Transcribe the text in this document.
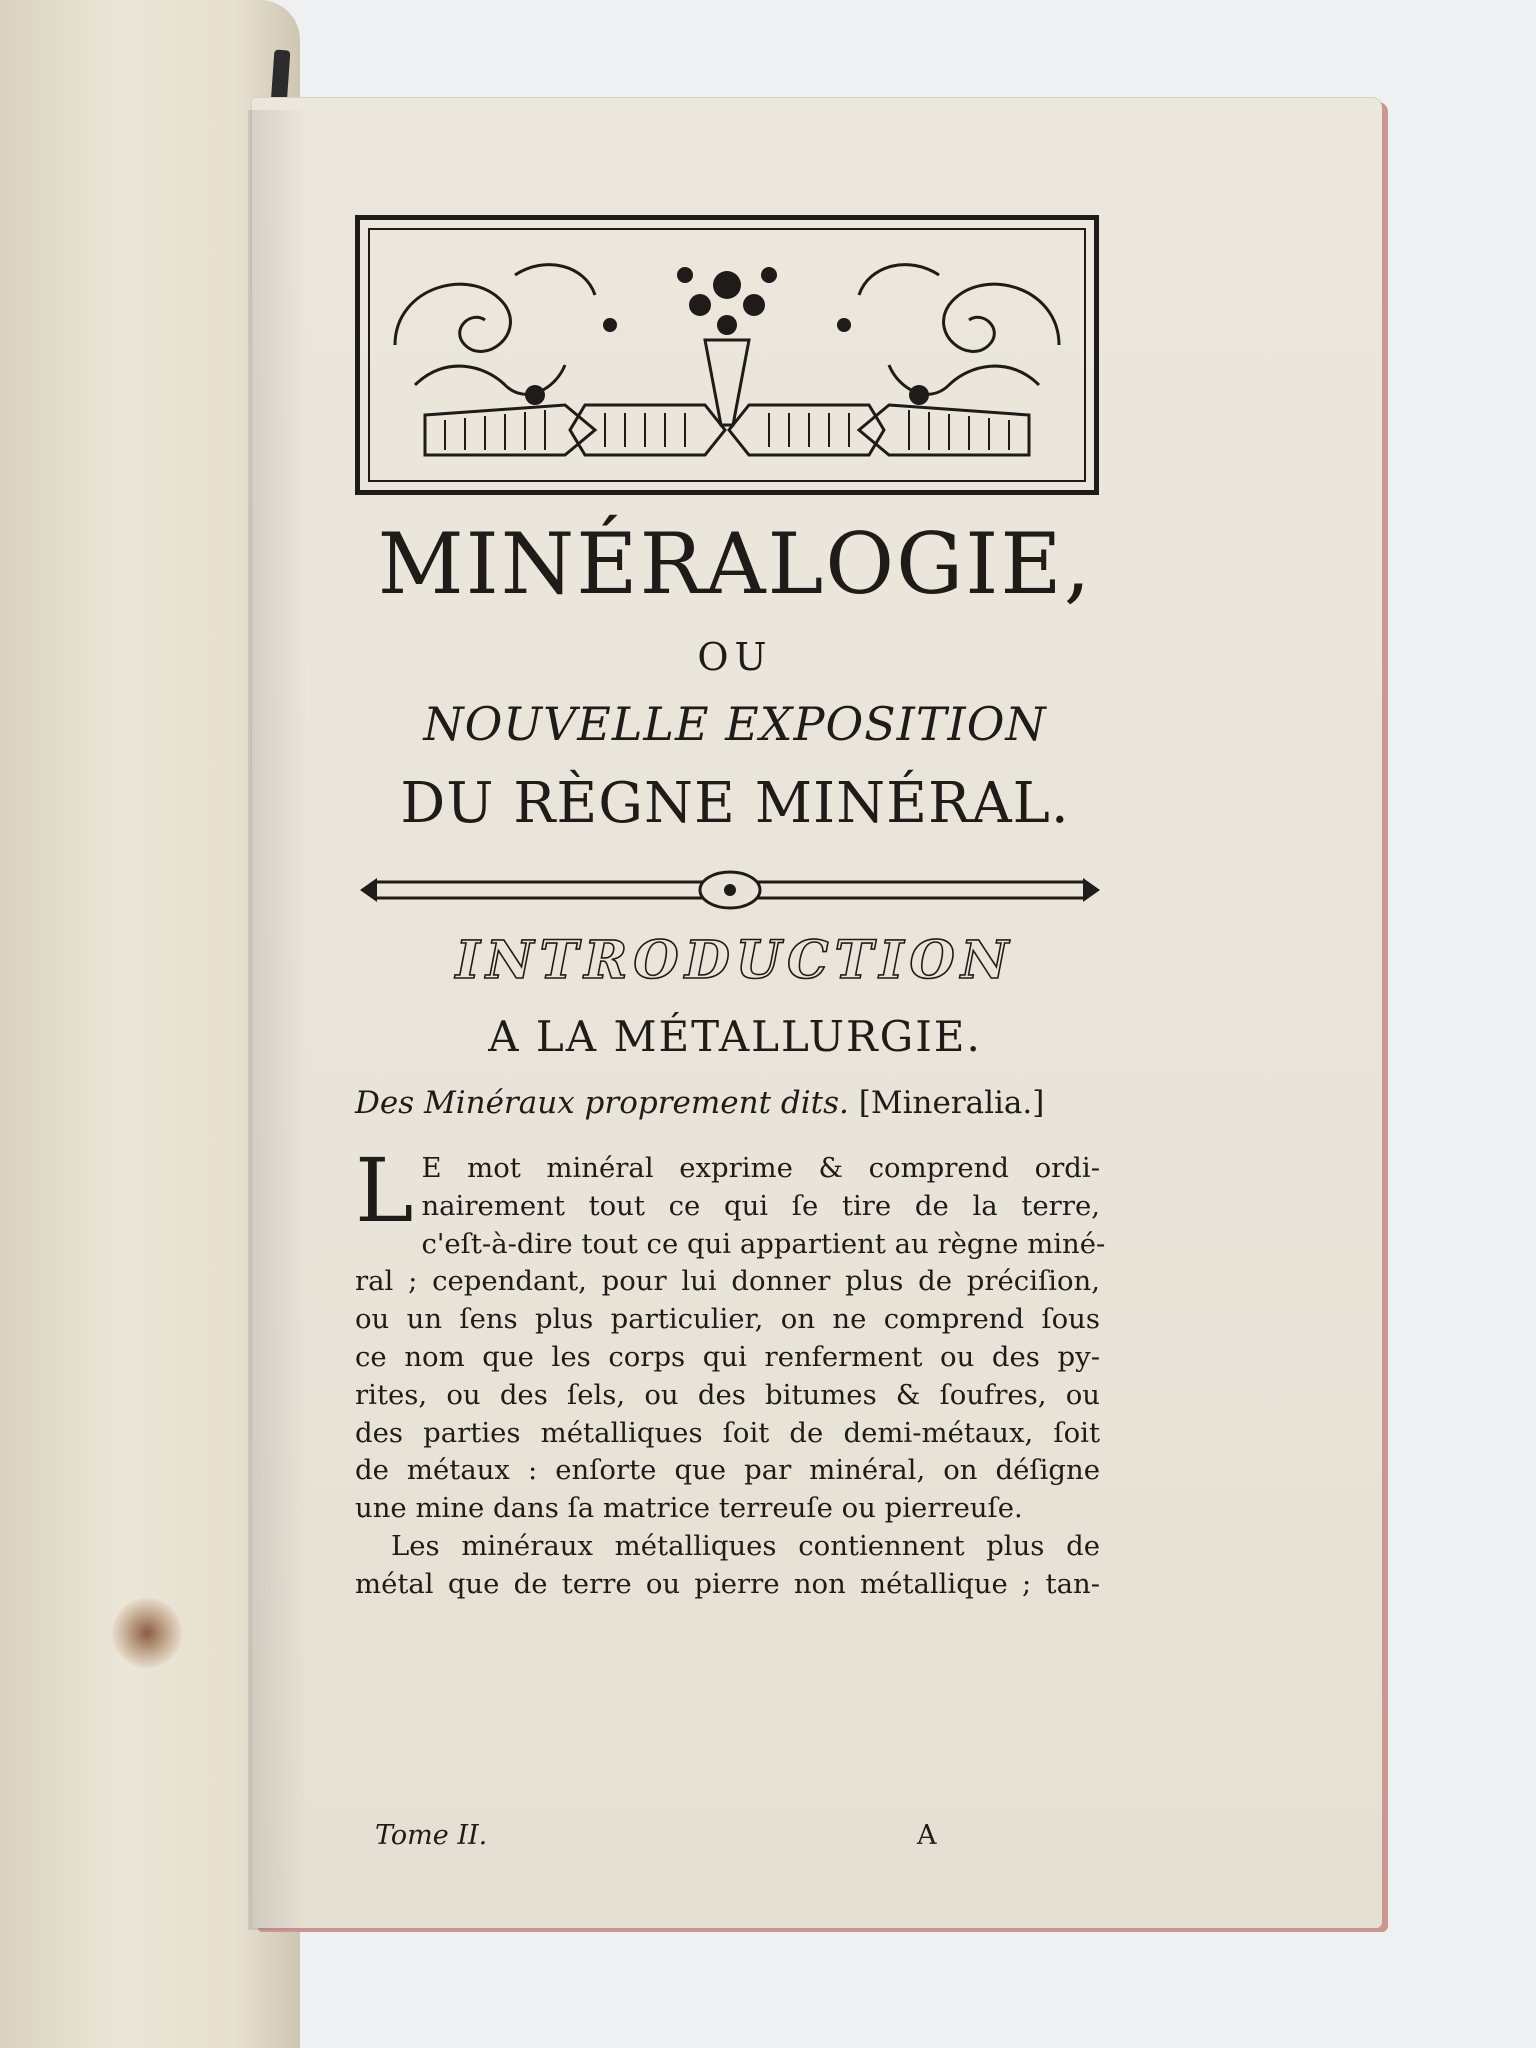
MINÉRALOGIE,
OU
NOUVELLE EXPOSITION
DU RÈGNE MINÉRAL.
INTRODUCTION
A LA MÉTALLURGIE.
Des Minéraux proprement dits. [Mineralia.]
L E mot minéral exprime & comprend ordi-
nairement tout ce qui ſe tire de la terre,
c'eſt-à-dire tout ce qui appartient au règne miné-
ral ; cependant, pour lui donner plus de préciſion,
ou un ſens plus particulier, on ne comprend ſous
ce nom que les corps qui renferment ou des py-
rites, ou des ſels, ou des bitumes & ſoufres, ou
des parties métalliques ſoit de demi-métaux, ſoit
de métaux : enſorte que par minéral, on déſigne
une mine dans ſa matrice terreuſe ou pierreuſe.
Les minéraux métalliques contiennent plus de
métal que de terre ou pierre non métallique ; tan-
Tome II.	A
